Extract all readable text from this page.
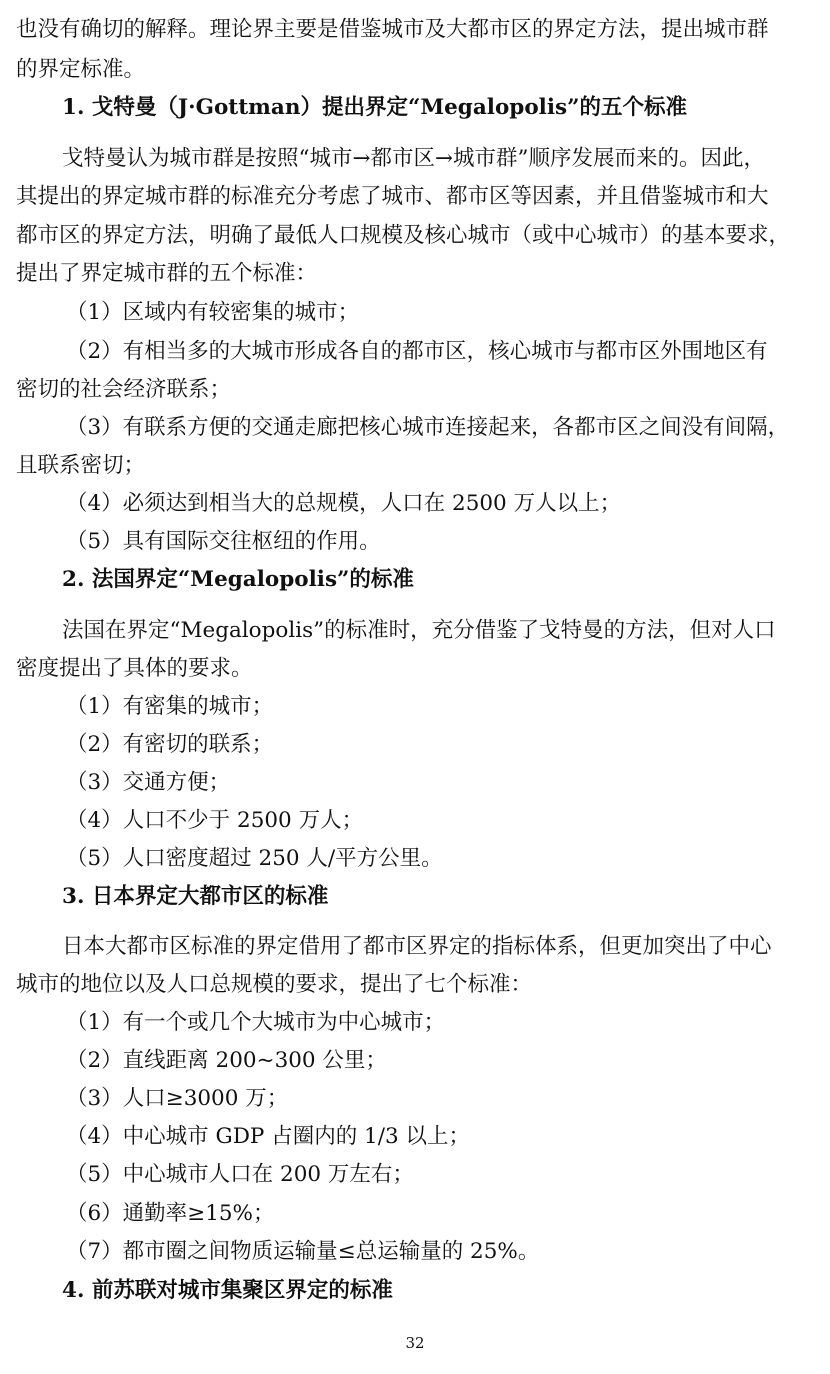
也没有确切的解释。理论界主要是借鉴城市及大都市区的界定方法，提出城市群
的界定标准。
1. 戈特曼（J·Gottman）提出界定“Megalopolis”的五个标准
戈特曼认为城市群是按照“城市→都市区→城市群”顺序发展而来的。因此，
其提出的界定城市群的标准充分考虑了城市、都市区等因素，并且借鉴城市和大
都市区的界定方法，明确了最低人口规模及核心城市（或中心城市）的基本要求，
提出了界定城市群的五个标准：
（1）区域内有较密集的城市；
（2）有相当多的大城市形成各自的都市区，核心城市与都市区外围地区有
密切的社会经济联系；
（3）有联系方便的交通走廊把核心城市连接起来，各都市区之间没有间隔，
且联系密切；
（4）必须达到相当大的总规模，人口在 2500 万人以上；
（5）具有国际交往枢纽的作用。
2. 法国界定“Megalopolis”的标准
法国在界定“Megalopolis”的标准时，充分借鉴了戈特曼的方法，但对人口
密度提出了具体的要求。
（1）有密集的城市；
（2）有密切的联系；
（3）交通方便；
（4）人口不少于 2500 万人；
（5）人口密度超过 250 人/平方公里。
3. 日本界定大都市区的标准
日本大都市区标准的界定借用了都市区界定的指标体系，但更加突出了中心
城市的地位以及人口总规模的要求，提出了七个标准：
（1）有一个或几个大城市为中心城市；
（2）直线距离 200~300 公里；
（3）人口≥3000 万；
（4）中心城市 GDP 占圈内的 1/3 以上；
（5）中心城市人口在 200 万左右；
（6）通勤率≥15%；
（7）都市圈之间物质运输量≤总运输量的 25%。
4. 前苏联对城市集聚区界定的标准
32
